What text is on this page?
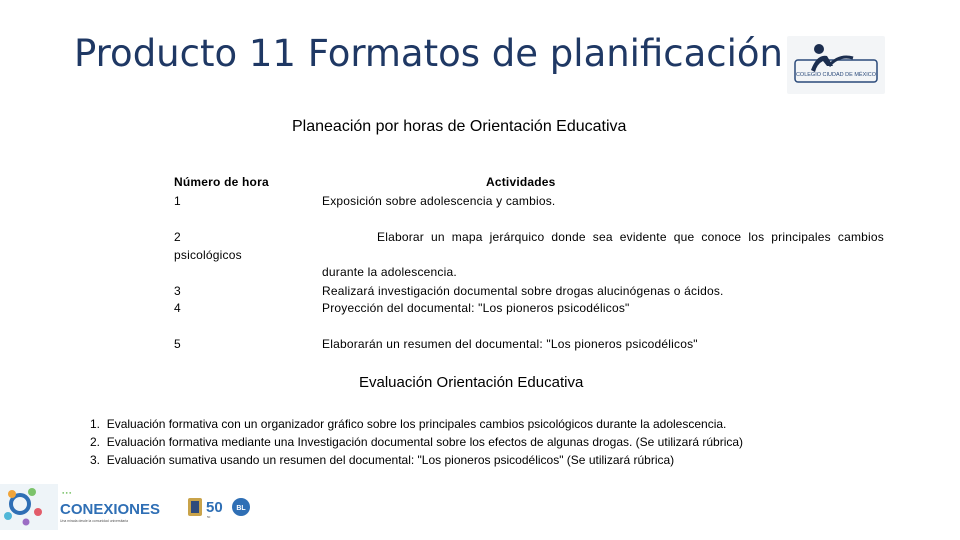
Producto 11 Formatos de planificación COLEGIO CIUDAD DE MÉXICO
Planeación por horas de Orientación Educativa
Número de hora	Actividades
1	Exposición sobre adolescencia y cambios.
2	Elaborar un mapa jerárquico donde sea evidente que conoce los principales cambios
psicológicos
durante la adolescencia.
3	Realizará investigación documental sobre drogas alucinógenas o ácidos.
4	Proyección del documental: "Los pioneros psicodélicos"
5	Elaborarán un resumen del documental: "Los pioneros psicodélicos"
Evaluación Orientación Educativa
1. Evaluación formativa con un organizador gráfico sobre los principales cambios psicológicos durante la adolescencia.
2. Evaluación formativa mediante una Investigación documental sobre los efectos de algunas drogas. (Se utilizará rúbrica)
3. Evaluación sumativa usando un resumen del documental: "Los pioneros psicodélicos" (Se utilizará rúbrica)
● ● ●
CONEXIONES
Una mirada desde la comunidad universitaria
50
50
BL
